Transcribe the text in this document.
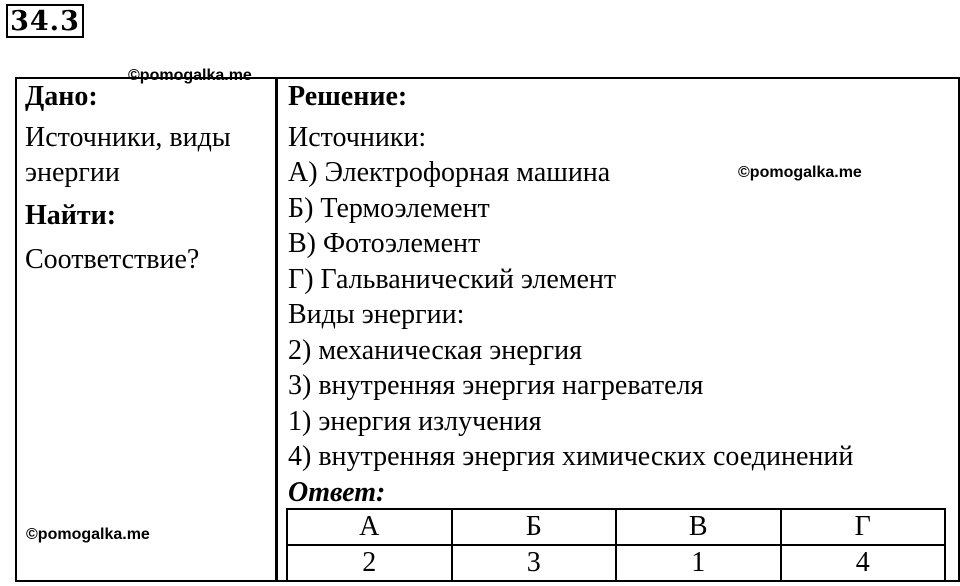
34.3
©pomogalka.me
©pomogalka.me
©pomogalka.me
Дано:
Источники, виды
энергии
Найти:
Соответствие?
Решение:
Источники:
А) Электрофорная машина
Б) Термоэлемент
В) Фотоэлемент
Г) Гальванический элемент
Виды энергии:
2) механическая энергия
3) внутренняя энергия нагревателя
1) энергия излучения
4) внутренняя энергия химических соединений
Ответ:
А	Б	В	Г
2	3	1	4
